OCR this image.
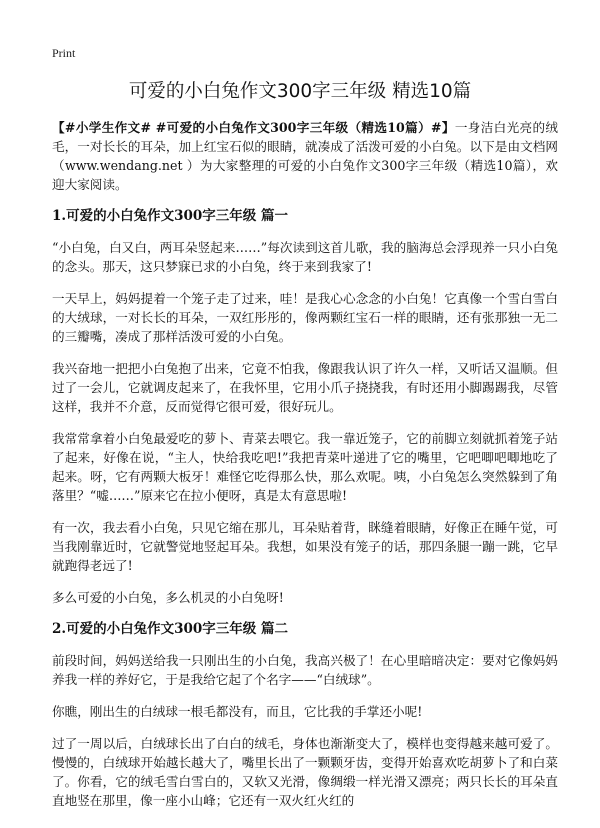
Print
可爱的小白兔作文300字三年级 精选10篇

【#小学生作文# #可爱的小白兔作文300字三年级（精选10篇）#】一身洁白光亮的绒毛，一对长长的耳朵，加上红宝石似的眼睛，就凑成了活泼可爱的小白兔。以下是由文档网（www.wendang.net ）为大家整理的可爱的小白兔作文300字三年级（精选10篇），欢迎大家阅读。

1.可爱的小白兔作文300字三年级 篇一

“小白兔，白又白，两耳朵竖起来……”每次读到这首儿歌，我的脑海总会浮现养一只小白兔的念头。那天，这只梦寐已求的小白兔，终于来到我家了!

一天早上，妈妈提着一个笼子走了过来，哇！是我心心念念的小白兔！它真像一个雪白雪白的大绒球，一对长长的耳朵，一双红彤彤的，像两颗红宝石一样的眼睛，还有张那独一无二的三瓣嘴，凑成了那样活泼可爱的小白兔。

我兴奋地一把把小白兔抱了出来，它竟不怕我，像跟我认识了许久一样，又听话又温顺。但过了一会儿，它就调皮起来了，在我怀里，它用小爪子挠挠我，有时还用小脚踢踢我，尽管这样，我并不介意，反而觉得它很可爱，很好玩儿。

我常常拿着小白兔最爱吃的萝卜、青菜去喂它。我一靠近笼子，它的前脚立刻就抓着笼子站了起来，好像在说，“主人，快给我吃吧!”我把青菜叶递进了它的嘴里，它吧唧吧唧地吃了起来。呀，它有两颗大板牙！难怪它吃得那么快，那么欢呢。咦，小白兔怎么突然躲到了角落里？“嘘……”原来它在拉小便呀，真是太有意思啦!

有一次，我去看小白兔，只见它缩在那儿，耳朵贴着背，眯缝着眼睛，好像正在睡午觉，可当我刚靠近时，它就警觉地竖起耳朵。我想，如果没有笼子的话，那四条腿一蹦一跳，它早就跑得老远了!

多么可爱的小白兔，多么机灵的小白兔呀!

2.可爱的小白兔作文300字三年级 篇二

前段时间，妈妈送给我一只刚出生的小白兔，我高兴极了！在心里暗暗决定：要对它像妈妈养我一样的养好它，于是我给它起了个名字——“白绒球”。

你瞧，刚出生的白绒球一根毛都没有，而且，它比我的手掌还小呢!

过了一周以后，白绒球长出了白白的绒毛，身体也渐渐变大了，模样也变得越来越可爱了。慢慢的，白绒球开始越长越大了，嘴里长出了一颗颗牙齿，变得开始喜欢吃胡萝卜了和白菜了。你看，它的绒毛雪白雪白的，又软又光滑，像绸缎一样光滑又漂亮；两只长长的耳朵直直地竖在那里，像一座小山峰；它还有一双火红火红的
